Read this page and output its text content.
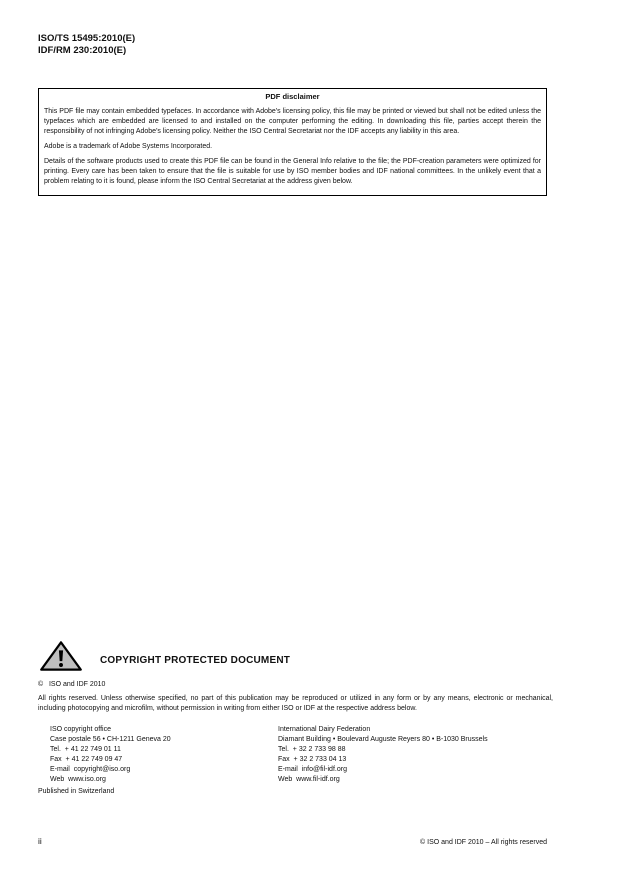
ISO/TS 15495:2010(E)
IDF/RM 230:2010(E)
PDF disclaimer

This PDF file may contain embedded typefaces. In accordance with Adobe's licensing policy, this file may be printed or viewed but shall not be edited unless the typefaces which are embedded are licensed to and installed on the computer performing the editing. In downloading this file, parties accept therein the responsibility of not infringing Adobe's licensing policy. Neither the ISO Central Secretariat nor the IDF accepts any liability in this area.

Adobe is a trademark of Adobe Systems Incorporated.

Details of the software products used to create this PDF file can be found in the General Info relative to the file; the PDF-creation parameters were optimized for printing. Every care has been taken to ensure that the file is suitable for use by ISO member bodies and IDF national committees. In the unlikely event that a problem relating to it is found, please inform the ISO Central Secretariat at the address given below.

COPYRIGHT PROTECTED DOCUMENT
©   ISO and IDF 2010

All rights reserved. Unless otherwise specified, no part of this publication may be reproduced or utilized in any form or by any means, electronic or mechanical, including photocopying and microfilm, without permission in writing from either ISO or IDF at the respective address below.

ISO copyright office
Case postale 56 • CH-1211 Geneva 20
Tel.  + 41 22 749 01 11
Fax  + 41 22 749 09 47
E-mail  copyright@iso.org
Web  www.iso.org
International Dairy Federation
Diamant Building • Boulevard Auguste Reyers 80 • B-1030 Brussels
Tel.  + 32 2 733 98 88
Fax  + 32 2 733 04 13
E-mail  info@fil-idf.org
Web  www.fil-idf.org
Published in Switzerland
ii	© ISO and IDF 2010 – All rights reserved
